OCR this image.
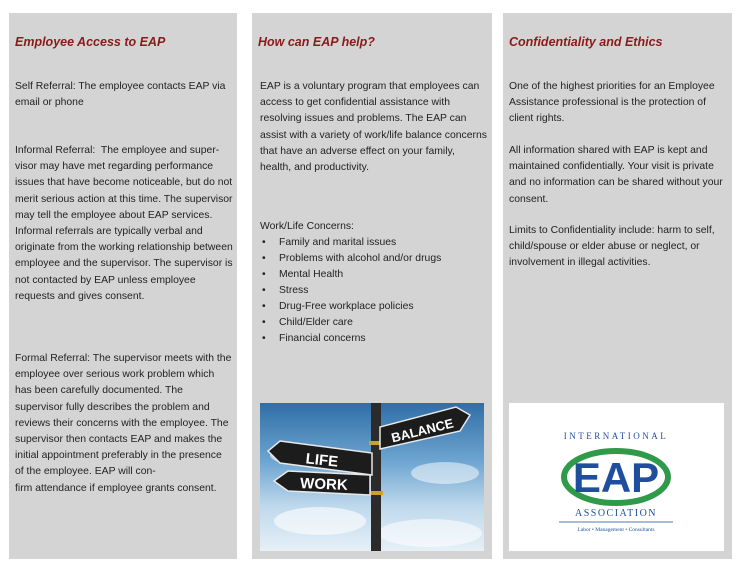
Employee Access to EAP

Self Referral: The employee contacts EAP via email or phone

Informal Referral:  The employee and super-
visor may have met regarding performance issues that have become noticeable, but do not merit serious action at this time. The supervisor may tell the employee about EAP services. Informal referrals are typically verbal and originate from the working relationship between employee and the supervisor. The supervisor is not contacted by EAP unless employee requests and gives consent.

Formal Referral: The supervisor meets with the employee over serious work problem which has been carefully documented. The supervisor fully describes the problem and reviews their concerns with the employee. The supervisor then contacts EAP and makes the initial appointment preferably in the presence of the employee. EAP will con-
firm attendance if employee grants consent.

How can EAP help?

EAP is a voluntary program that employees can access to get confidential assistance with resolving issues and problems. The EAP can assist with a variety of work/life balance concerns that have an adverse effect on your family, health, and productivity.

Work/Life Concerns:

• Family and marital issues
• Problems with alcohol and/or drugs
• Mental Health
• Stress
• Drug-Free workplace policies
• Child/Elder care
• Financial concerns
LIFE
BALANCE
WORK
Confidentiality and Ethics

One of the highest priorities for an Employee Assistance professional is the protection of client rights.

All information shared with EAP is kept and maintained confidentially. Your visit is private and no information can be shared without your consent.

Limits to Confidentiality include: harm to self, child/spouse or elder abuse or neglect, or involvement in illegal activities.

INTERNATIONAL
EAP
ASSOCIATION
Labor • Management • Consultants
